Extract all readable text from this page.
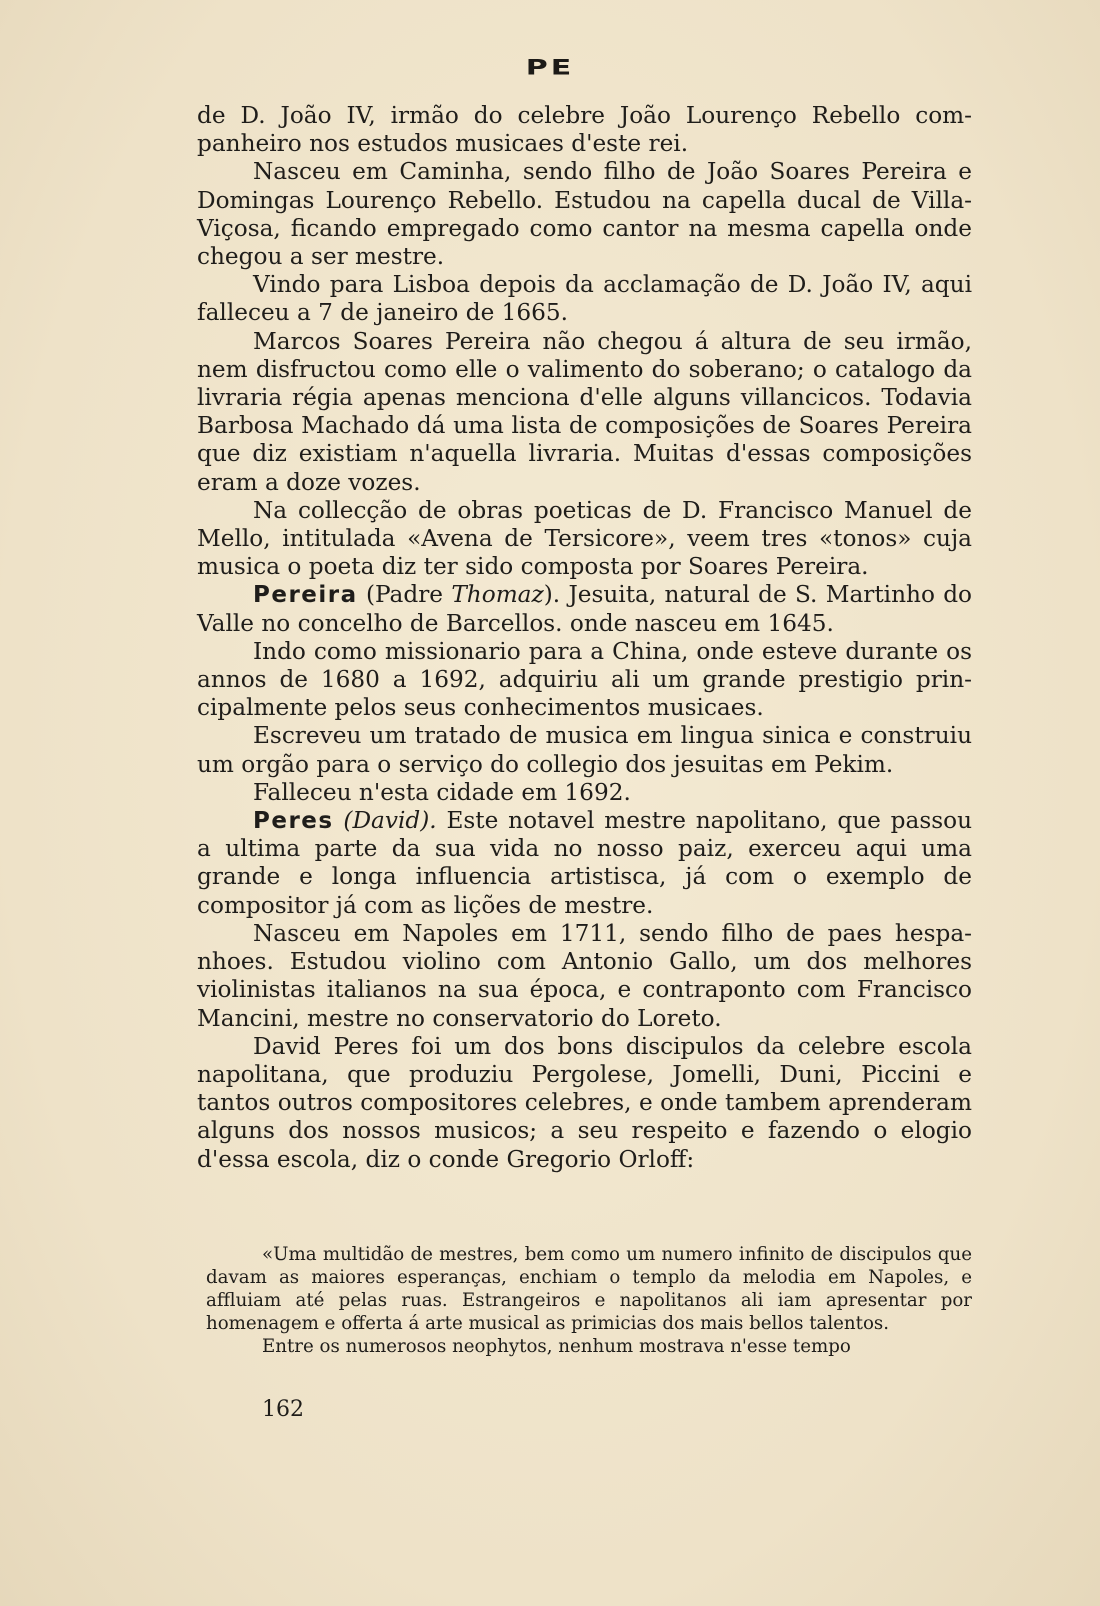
PE

de D. João IV, irmão do celebre João Lourenço Rebello companheiro nos estudos musicaes d'este rei.

Nasceu em Caminha, sendo filho de João Soares Pereira e Domingas Lourenço Rebello. Estudou na capella ducal de Villa-Viçosa, ficando empregado como cantor na mesma capella onde chegou a ser mestre.

Vindo para Lisboa depois da acclamação de D. João IV, aqui falleceu a 7 de janeiro de 1665.

Marcos Soares Pereira não chegou á altura de seu irmão, nem disfructou como elle o valimento do soberano; o catalogo da livraria régia apenas menciona d'elle alguns villancicos. Todavia Barbosa Machado dá uma lista de composições de Soares Pereira que diz existiam n'aquella livraria. Muitas d'essas composições eram a doze vozes.

Na collecção de obras poeticas de D. Francisco Manuel de Mello, intitulada «Avena de Tersicore», veem tres «tonos» cuja musica o poeta diz ter sido composta por Soares Pereira.

Pereira (Padre Thomaz). Jesuita, natural de S. Martinho do Valle no concelho de Barcellos. onde nasceu em 1645.

Indo como missionario para a China, onde esteve durante os annos de 1680 a 1692, adquiriu ali um grande prestigio principalmente pelos seus conhecimentos musicaes.

Escreveu um tratado de musica em lingua sinica e construiu um orgão para o serviço do collegio dos jesuitas em Pekim.

Falleceu n'esta cidade em 1692.

Peres (David). Este notavel mestre napolitano, que passou a ultima parte da sua vida no nosso paiz, exerceu aqui uma grande e longa influencia artistisca, já com o exemplo de compositor já com as lições de mestre.

Nasceu em Napoles em 1711, sendo filho de paes hespanhoes. Estudou violino com Antonio Gallo, um dos melhores violinistas italianos na sua época, e contraponto com Francisco Mancini, mestre no conservatorio do Loreto.

David Peres foi um dos bons discipulos da celebre escola napolitana, que produziu Pergolese, Jomelli, Duni, Piccini e tantos outros compositores celebres, e onde tambem aprenderam alguns dos nossos musicos; a seu respeito e fazendo o elogio d'essa escola, diz o conde Gregorio Orloff:

«Uma multidão de mestres, bem como um numero infinito de discipulos que davam as maiores esperanças, enchiam o templo da melodia em Napoles, e affluiam até pelas ruas. Estrangeiros e napolitanos ali iam apresentar por homenagem e offerta á arte musical as primicias dos mais bellos talentos.

Entre os numerosos neophytos, nenhum mostrava n'esse tempo

162
